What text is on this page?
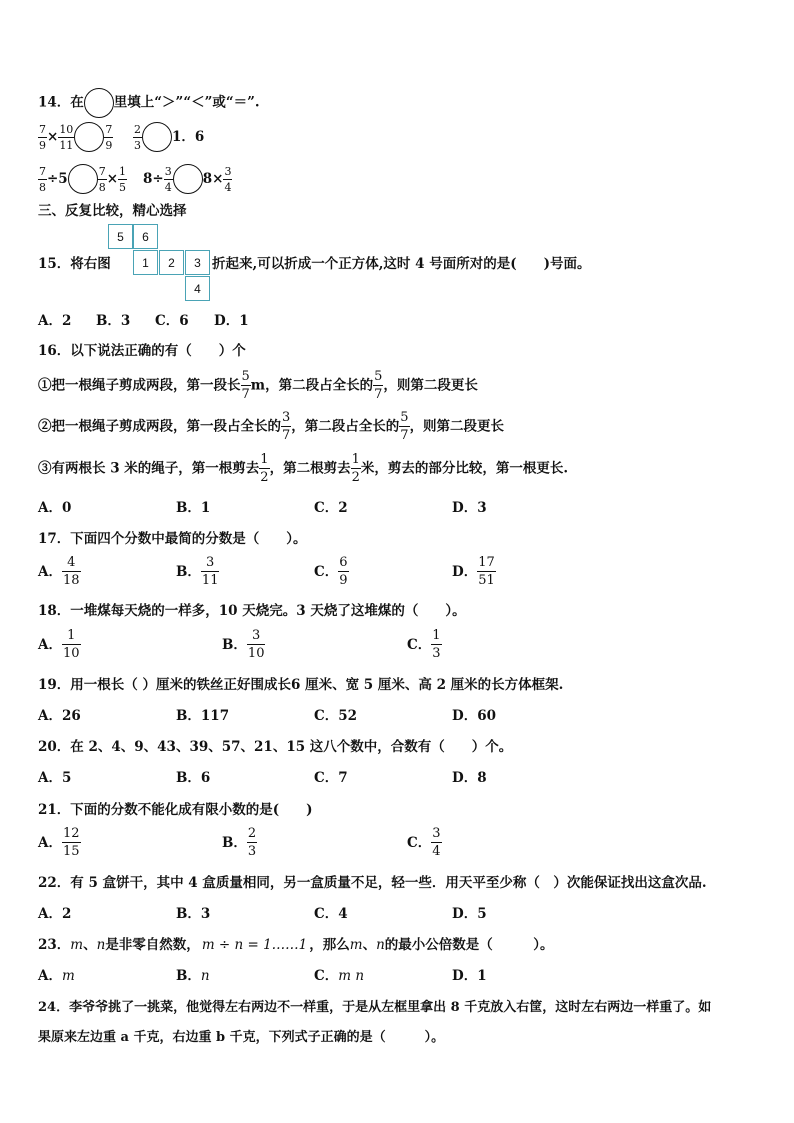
14．在 里填上“＞”“＜”或“＝”.
$\frac{7}{9} \times \frac{10}{11}$	$\frac{7}{9} \frac{2}{3} 1$．6
$\frac{7}{8} \div 5$	$\frac{7}{8} \times \frac{1}{5} 8\div \frac{3}{4} 8\times \frac{3}{4}$
三、反复比较，精心选择
5	6
1	2	3
4
15．将右图	折起来,可以折成一个正方体,这时 4 号面所对的是(　　)号面。
A．2 B．3 C．6 D．1
16．以下说法正确的有（　　）个
①把一根绳子剪成两段，第一段长 $\frac{5}{7}$ m，第二段占全长的 $\frac{5}{7}$ ，则第二段更长
②把一根绳子剪成两段，第一段占全长的 $\frac{3}{7}$ ，第二段占全长的 $\frac{5}{7}$ ，则第二段更长
③有两根长 3 米的绳子，第一根剪去 $\frac{1}{2}$ ，第二根剪去 $\frac{1}{2}$ 米，剪去的部分比较，第一根更长.
A．0	B．1	C．2	D．3
17．下面四个分数中最简的分数是（　　）。
A． $\frac{4}{18}$	B． $\frac{3}{11}$	C． $\frac{6}{9}$	D． $\frac{17}{51}$
18．一堆煤每天烧的一样多，10 天烧完。3 天烧了这堆煤的（　　）。
A． $\frac{1}{10}$	B． $\frac{3}{10}$	C． $\frac{1}{3}$
19．用一根长（ ）厘米的铁丝正好围成长6 厘米、宽 5 厘米、高 2 厘米的长方体框架.
A．26	B．117	C．52	D．60
20．在 2、4、9、43、39、57、21、15 这八个数中，合数有（　　）个。
A．5	B．6	C．7	D．8
21．下面的分数不能化成有限小数的是(　　)
A． $\frac{12}{15}$	B． $\frac{2}{3}$	C． $\frac{3}{4}$
22．有 5 盒饼干，其中 4 盒质量相同，另一盒质量不足，轻一些．用天平至少称（　）次能保证找出这盒次品.
A．2	B．3	C．4	D．5
23．m、n是非零自然数， m ÷ n = 1……1 ，那么m、n的最小公倍数是（　　　）。
A．m	B．n	C．m n	D．1
24．李爷爷挑了一挑菜，他觉得左右两边不一样重，于是从左框里拿出 8 千克放入右筐，这时左右两边一样重了。如
果原来左边重 a 千克，右边重 b 千克，下列式子正确的是（　　　）。
